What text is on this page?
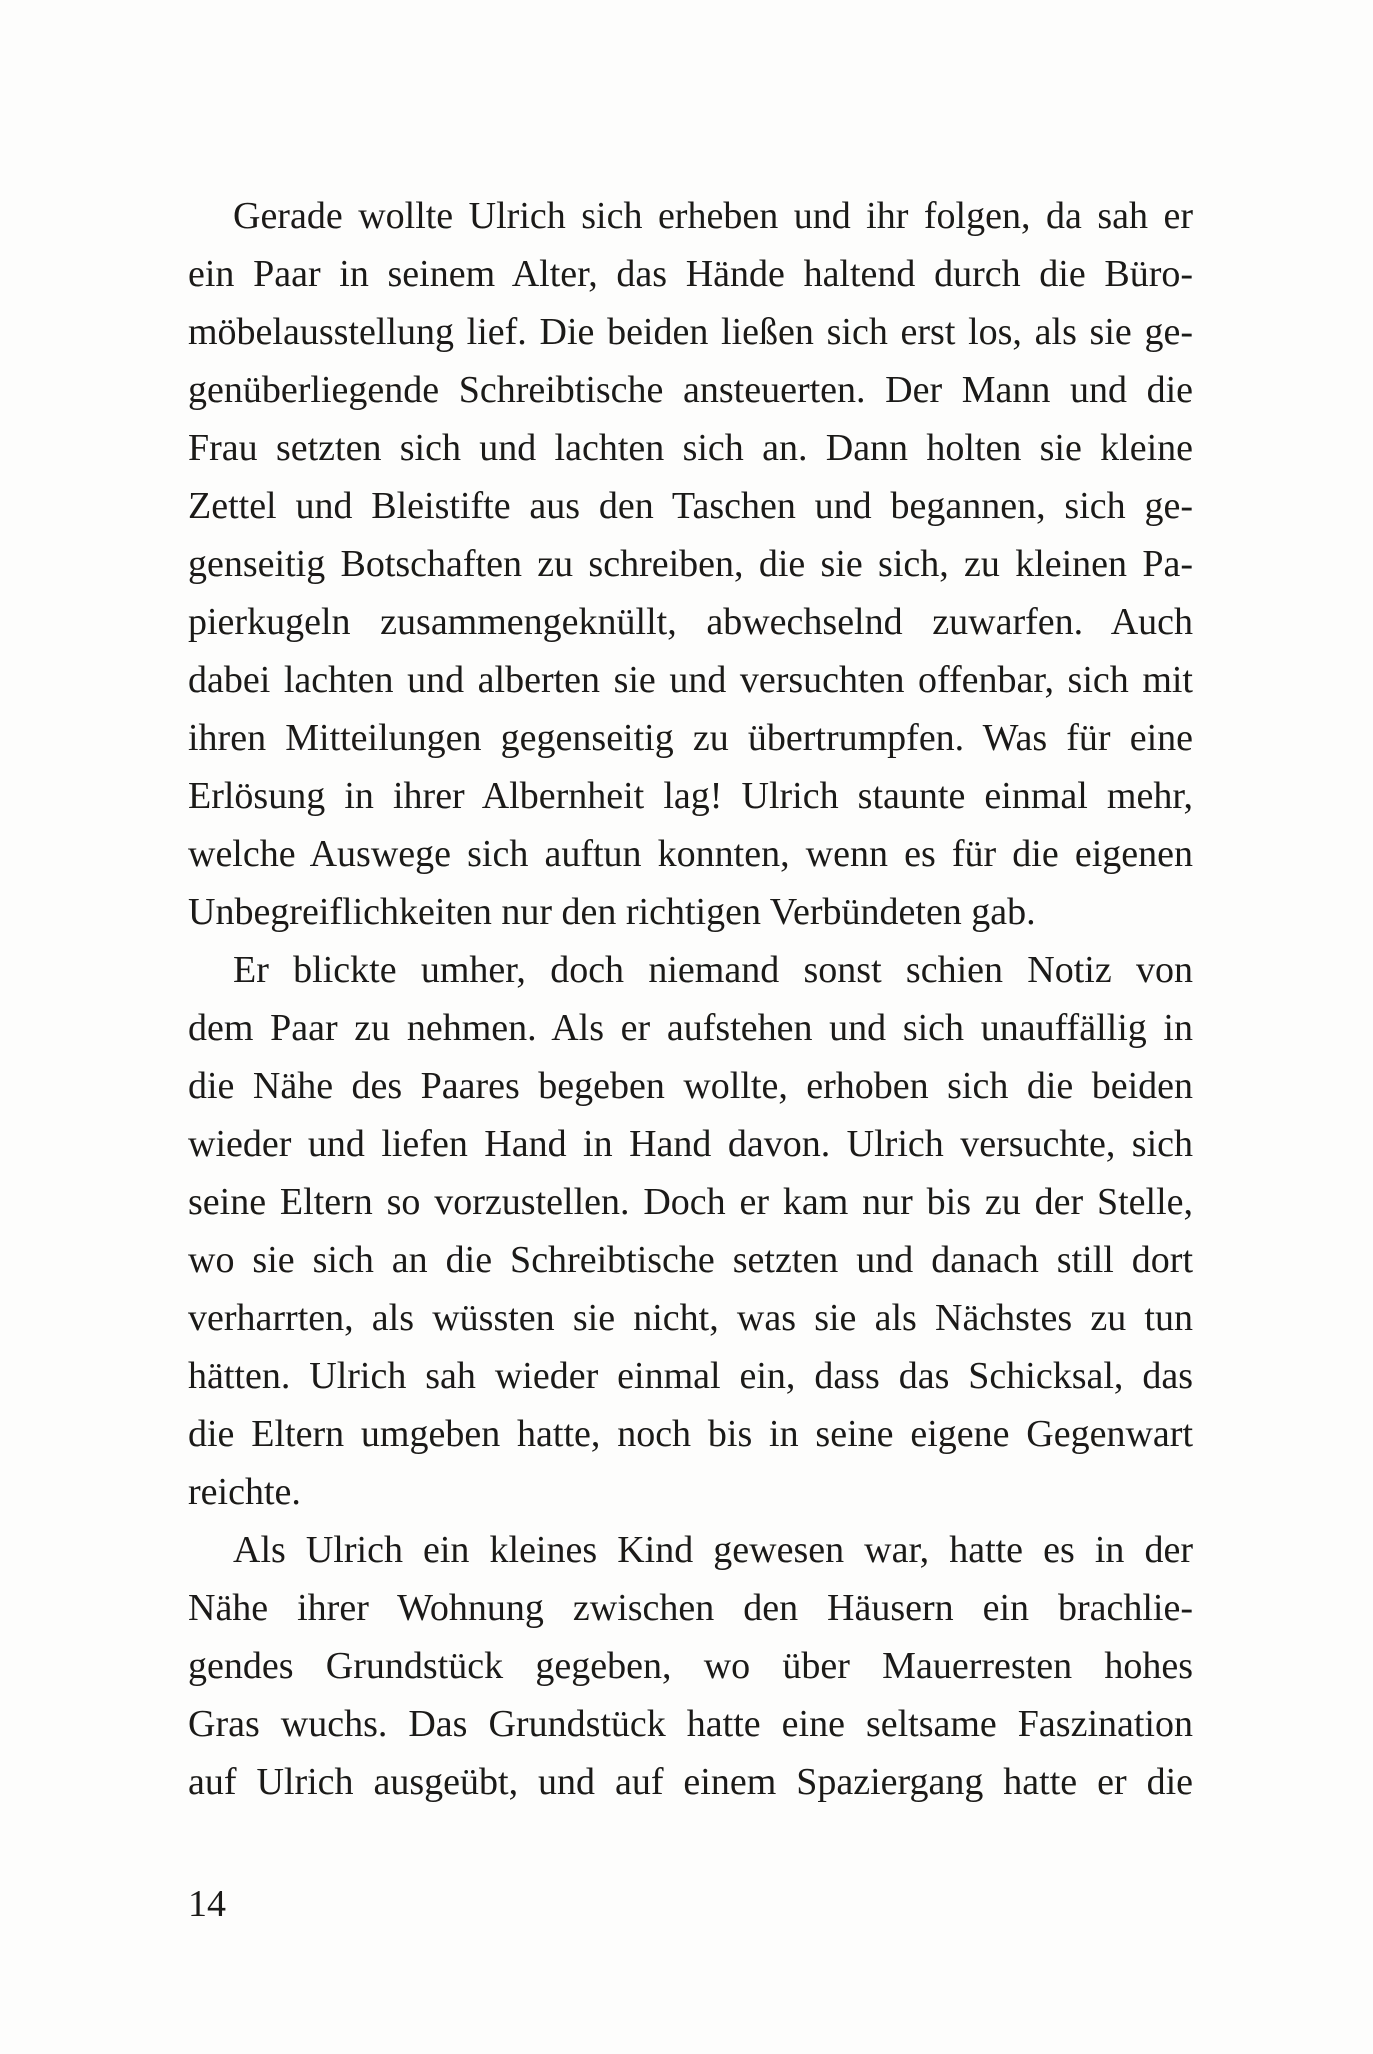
Gerade wollte Ulrich sich erheben und ihr folgen, da sah er
ein Paar in seinem Alter, das Hände haltend durch die Büro-
möbelausstellung lief. Die beiden ließen sich erst los, als sie ge-
genüberliegende Schreibtische ansteuerten. Der Mann und die
Frau setzten sich und lachten sich an. Dann holten sie kleine
Zettel und Bleistifte aus den Taschen und begannen, sich ge-
genseitig Botschaften zu schreiben, die sie sich, zu kleinen Pa-
pierkugeln zusammengeknüllt, abwechselnd zuwarfen. Auch
dabei lachten und alberten sie und versuchten offenbar, sich mit
ihren Mitteilungen gegenseitig zu übertrumpfen. Was für eine
Erlösung in ihrer Albernheit lag! Ulrich staunte einmal mehr,
welche Auswege sich auftun konnten, wenn es für die eigenen
Unbegreiflichkeiten nur den richtigen Verbündeten gab.
Er blickte umher, doch niemand sonst schien Notiz von
dem Paar zu nehmen. Als er aufstehen und sich unauffällig in
die Nähe des Paares begeben wollte, erhoben sich die beiden
wieder und liefen Hand in Hand davon. Ulrich versuchte, sich
seine Eltern so vorzustellen. Doch er kam nur bis zu der Stelle,
wo sie sich an die Schreibtische setzten und danach still dort
verharrten, als wüssten sie nicht, was sie als Nächstes zu tun
hätten. Ulrich sah wieder einmal ein, dass das Schicksal, das
die Eltern umgeben hatte, noch bis in seine eigene Gegenwart
reichte.
Als Ulrich ein kleines Kind gewesen war, hatte es in der
Nähe ihrer Wohnung zwischen den Häusern ein brachlie-
gendes Grundstück gegeben, wo über Mauerresten hohes
Gras wuchs. Das Grundstück hatte eine seltsame Faszination
auf Ulrich ausgeübt, und auf einem Spaziergang hatte er die
14
